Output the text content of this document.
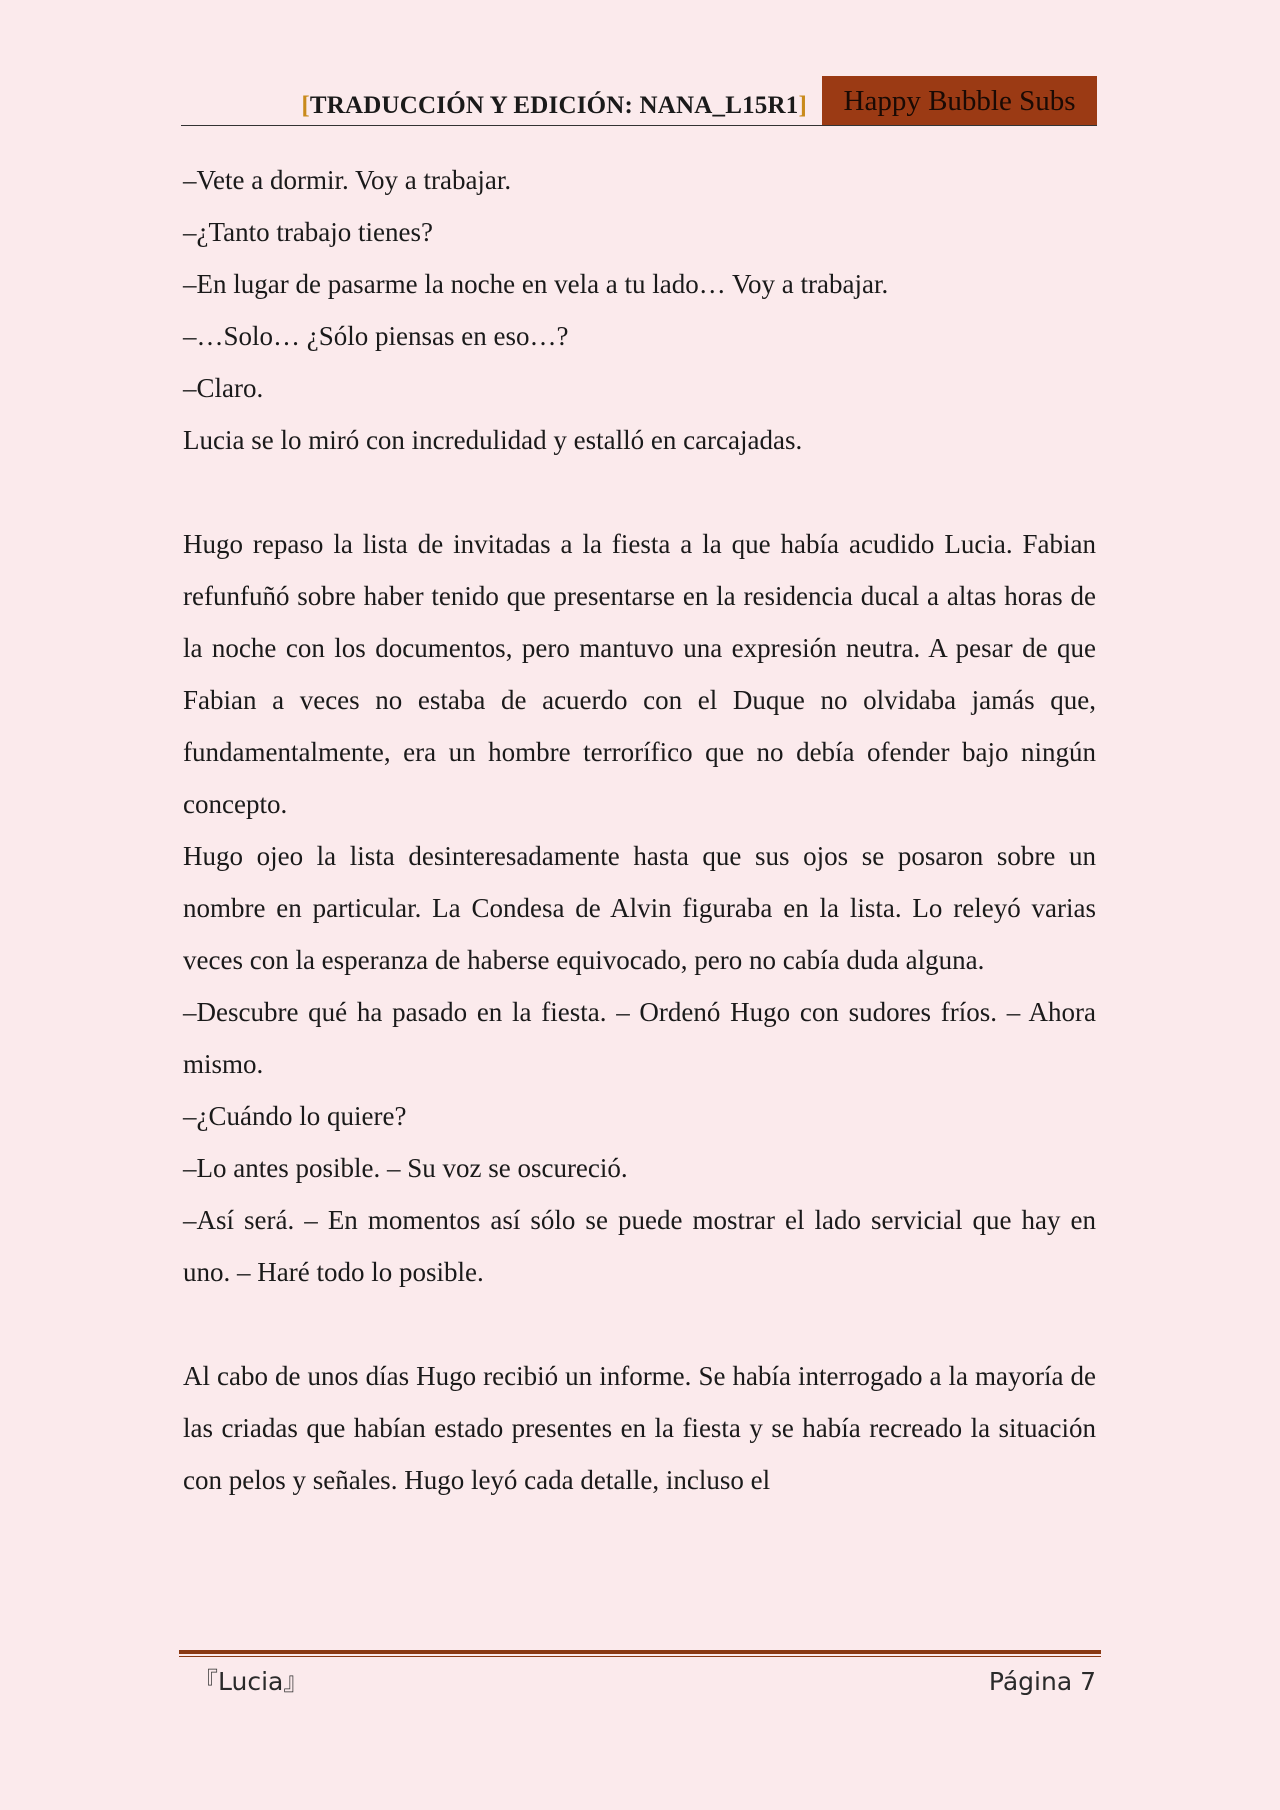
[TRADUCCIÓN Y EDICIÓN: NANA_L15R1]	Happy Bubble Subs

–Vete a dormir. Voy a trabajar.

–¿Tanto trabajo tienes?

–En lugar de pasarme la noche en vela a tu lado… Voy a trabajar.

–…Solo… ¿Sólo piensas en eso…?

–Claro.

Lucia se lo miró con incredulidad y estalló en carcajadas.

Hugo repaso la lista de invitadas a la fiesta a la que había acudido Lucia. Fabian refunfuñó sobre haber tenido que presentarse en la residencia ducal a altas horas de la noche con los documentos, pero mantuvo una expresión neutra. A pesar de que Fabian a veces no estaba de acuerdo con el Duque no olvidaba jamás que, fundamentalmente, era un hombre terrorífico que no debía ofender bajo ningún concepto.

Hugo ojeo la lista desinteresadamente hasta que sus ojos se posaron sobre un nombre en particular. La Condesa de Alvin figuraba en la lista. Lo releyó varias veces con la esperanza de haberse equivocado, pero no cabía duda alguna.

–Descubre qué ha pasado en la fiesta. – Ordenó Hugo con sudores fríos. – Ahora mismo.

–¿Cuándo lo quiere?

–Lo antes posible. – Su voz se oscureció.

–Así será. – En momentos así sólo se puede mostrar el lado servicial que hay en uno. – Haré todo lo posible.

Al cabo de unos días Hugo recibió un informe. Se había interrogado a la mayoría de las criadas que habían estado presentes en la fiesta y se había recreado la situación con pelos y señales. Hugo leyó cada detalle, incluso el

『Lucia』	Página 7
